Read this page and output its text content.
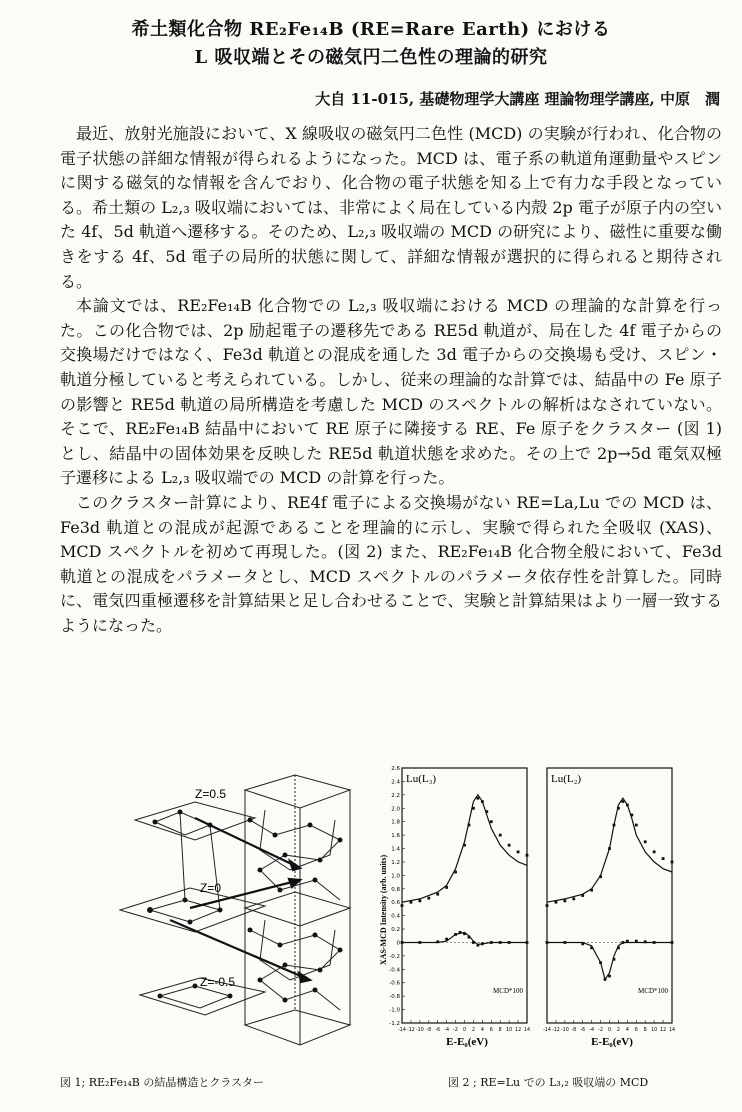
希土類化合物 RE₂Fe₁₄B (RE=Rare Earth) における
L 吸収端とその磁気円二色性の理論的研究
大自 11-015, 基礎物理学大講座 理論物理学講座, 中原　潤

最近、放射光施設において、X 線吸収の磁気円二色性 (MCD) の実験が行われ、化合物の電子状態の詳細な情報が得られるようになった。MCD は、電子系の軌道角運動量やスピンに関する磁気的な情報を含んでおり、化合物の電子状態を知る上で有力な手段となっている。希土類の L₂,₃ 吸収端においては、非常によく局在している内殻 2p 電子が原子内の空いた 4f、5d 軌道へ遷移する。そのため、L₂,₃ 吸収端の MCD の研究により、磁性に重要な働きをする 4f、5d 電子の局所的状態に関して、詳細な情報が選択的に得られると期待される。

本論文では、RE₂Fe₁₄B 化合物での L₂,₃ 吸収端における MCD の理論的な計算を行った。この化合物では、2p 励起電子の遷移先である RE5d 軌道が、局在した 4f 電子からの交換場だけではなく、Fe3d 軌道との混成を通した 3d 電子からの交換場も受け、スピン・軌道分極していると考えられている。しかし、従来の理論的な計算では、結晶中の Fe 原子の影響と RE5d 軌道の局所構造を考慮した MCD のスペクトルの解析はなされていない。そこで、RE₂Fe₁₄B 結晶中において RE 原子に隣接する RE、Fe 原子をクラスター (図 1) とし、結晶中の固体効果を反映した RE5d 軌道状態を求めた。その上で 2p→5d 電気双極子遷移による L₂,₃ 吸収端での MCD の計算を行った。

このクラスター計算により、RE4f 電子による交換場がない RE=La,Lu での MCD は、Fe3d 軌道との混成が起源であることを理論的に示し、実験で得られた全吸収 (XAS)、MCD スペクトルを初めて再現した。(図 2) また、RE₂Fe₁₄B 化合物全般において、Fe3d 軌道との混成をパラメータとし、MCD スペクトルのパラメータ依存性を計算した。同時に、電気四重極遷移を計算結果と足し合わせることで、実験と計算結果はより一層一致するようになった。

Z=0.5
Z=0
Z=-0.5
XAS-MCD Intensity (arb. units)
Lu(L₃)
MCD*100
2.6
2.4
2.2
2.0
1.8
1.6
1.4
1.2
1.0
0.8
0.6
0.4
0.2
0
-0.2
-0.4
-0.6
-0.8
-1.0
-1.2
-14 -12 -10 -8 -6 -4 -2 0 2 4 6 8 10 12 14
Lu(L₂)
MCD*100
-14 -12 -10 -8 -6 -4 -2 0 2 4 6 8 10 12 14
E-E₀(eV)	E-E₀(eV)
図 1; RE₂Fe₁₄B の結晶構造とクラスター	図 2 ; RE=Lu での L₃,₂ 吸収端の MCD
